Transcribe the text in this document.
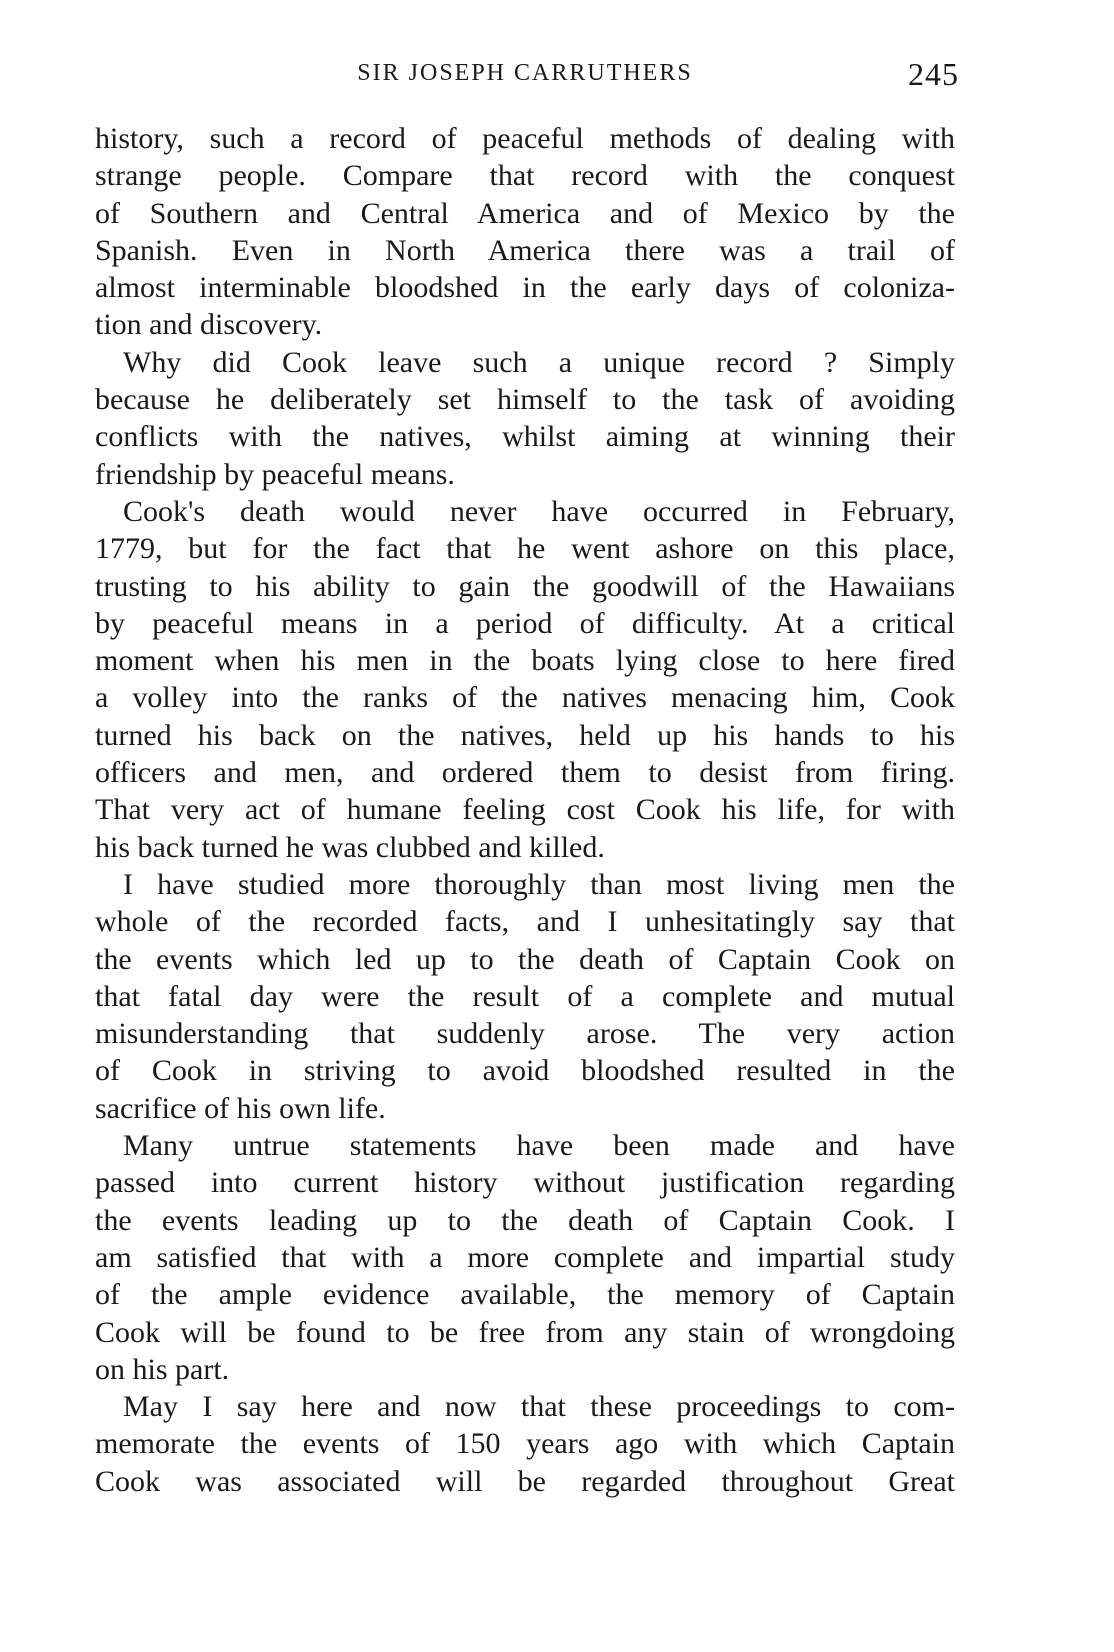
SIR JOSEPH CARRUTHERS	245
history, such a record of peaceful methods of dealing with
strange people. Compare that record with the conquest
of Southern and Central America and of Mexico by the
Spanish. Even in North America there was a trail of
almost interminable bloodshed in the early days of coloniza-
tion and discovery.
Why did Cook leave such a unique record ? Simply
because he deliberately set himself to the task of avoiding
conflicts with the natives, whilst aiming at winning their
friendship by peaceful means.
Cook's death would never have occurred in February,
1779, but for the fact that he went ashore on this place,
trusting to his ability to gain the goodwill of the Hawaiians
by peaceful means in a period of difficulty. At a critical
moment when his men in the boats lying close to here fired
a volley into the ranks of the natives menacing him, Cook
turned his back on the natives, held up his hands to his
officers and men, and ordered them to desist from firing.
That very act of humane feeling cost Cook his life, for with
his back turned he was clubbed and killed.
I have studied more thoroughly than most living men the
whole of the recorded facts, and I unhesitatingly say that
the events which led up to the death of Captain Cook on
that fatal day were the result of a complete and mutual
misunderstanding that suddenly arose. The very action
of Cook in striving to avoid bloodshed resulted in the
sacrifice of his own life.
Many untrue statements have been made and have
passed into current history without justification regarding
the events leading up to the death of Captain Cook. I
am satisfied that with a more complete and impartial study
of the ample evidence available, the memory of Captain
Cook will be found to be free from any stain of wrongdoing
on his part.
May I say here and now that these proceedings to com-
memorate the events of 150 years ago with which Captain
Cook was associated will be regarded throughout Great
